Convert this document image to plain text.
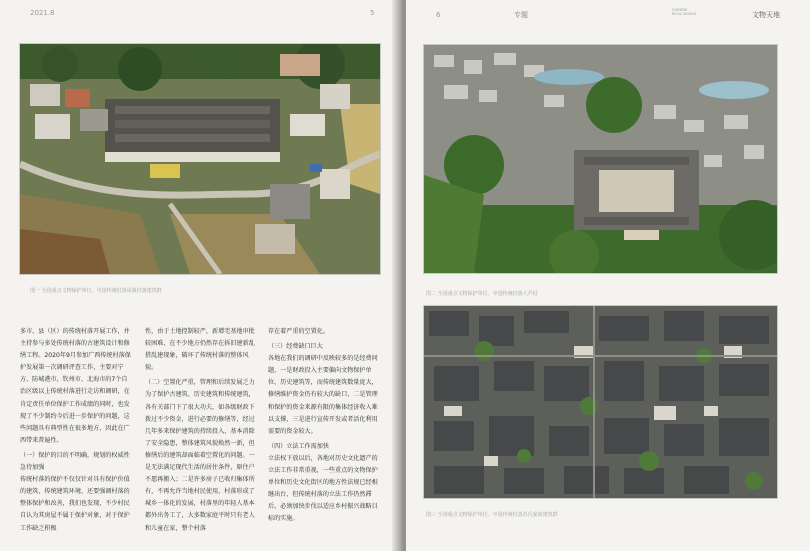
2021.8	5
图一 全国重点文物保护单位、中国传统村落凤凰村落建筑群

多市、县（区）的传统村落开展工作，并主持参与多处传统村落的古建筑设计和修缮工程。2020年9月参加广西传统村落保护发展第一次调研评查工作，主要对宁方、防城港市、钦州市、北海市的7个自治区级以上传统村落进行走访和调研，在肯定责任单位保护工作成绩的同时，也发现了不少制约今后进一步保护的问题，这些问题具有典型性在很多地方，因此在广西带来普遍性。

（一）保护的目的不明确，规划的权威性急待加强

传统村落的保护不仅仅针对具有保护价值的建筑，传统建筑环境、还要强调村落的整体保护和改善，我们也发现，不少村民自认为其房屋不属于保护对象，对于保护工作缺乏积极

性，由于土地控制较严，新增宅基地审批较困难，在不少地方仍然存在拆旧建新乱搭乱建现象，破坏了传统村落的整体风貌。

（二）空置化严重，管理和后续发展乏力

为了保护古建筑、历史建筑和传统建筑，各有关部门下了很大功夫，如各级财政下拨过不少资金，进行必要的修缮等，经过几年多来保护建筑的持续投入，基本消除了安全隐患，整体建筑风貌焕然一新，但修缮后的建筑却面临着空置化的问题。一是无法满足现代生活的居住条件，原住户不愿再搬入；二是许多房子已收归集体所有，不再允许当地村民使用，村落形成了城乡一体化的发展，村落里的年轻人基本都外出务工了，大多数家庭平时只有老人和儿童在家，整个村落

存在着严重的空置化。

（三）经费缺口巨大

各地在我们的调研中反映较多的是经费问题，一是财政投入主要偏向文物保护单位、历史建筑等，而传统建筑数量庞大，修缮维护资金仍有较大的缺口，二是管理和保护的资金来源有限的集体经济收入难以支撑，三是进行宣传开发或者活化利用需要的资金较大。

（四）立法工作需加快

立法权下放以后，各地对历史文化遗产的立法工作非常重视，一些重点的文物保护单位和历史文化街区的地方性法规已经相继出台，但传统村落的立法工作仍然滞后，必须加快步伐以适应乡村振兴战略目标的实施。

6	专题
CHINESE RELIC WORLD	文物天地
图二 全国重点文物保护单位、中国传统村落大芦村
图三 全国重点文物保护单位、中国传统村落苏氏家族建筑群
